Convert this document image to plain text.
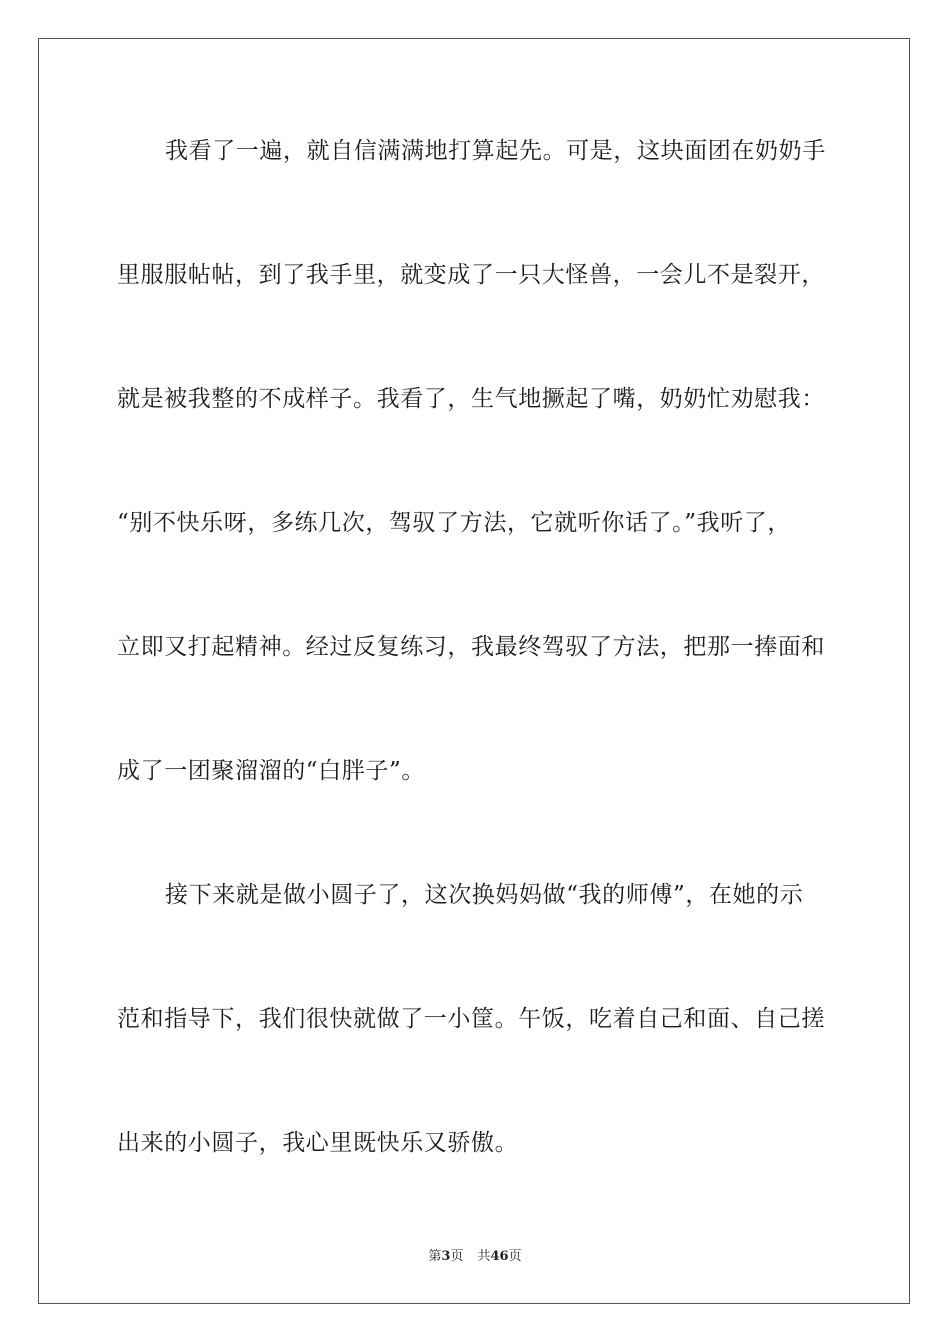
我看了一遍，就自信满满地打算起先。可是，这块面团在奶奶手
里服服帖帖，到了我手里，就变成了一只大怪兽，一会儿不是裂开，
就是被我整的不成样子。我看了，生气地撅起了嘴，奶奶忙劝慰我：
“别不快乐呀，多练几次，驾驭了方法，它就听你话了。”我听了，
立即又打起精神。经过反复练习，我最终驾驭了方法，把那一捧面和
成了一团聚溜溜的“白胖子”。
接下来就是做小圆子了，这次换妈妈做“我的师傅”，在她的示
范和指导下，我们很快就做了一小筐。午饭，吃着自己和面、自己搓
出来的小圆子，我心里既快乐又骄傲。
第3页 共46页
